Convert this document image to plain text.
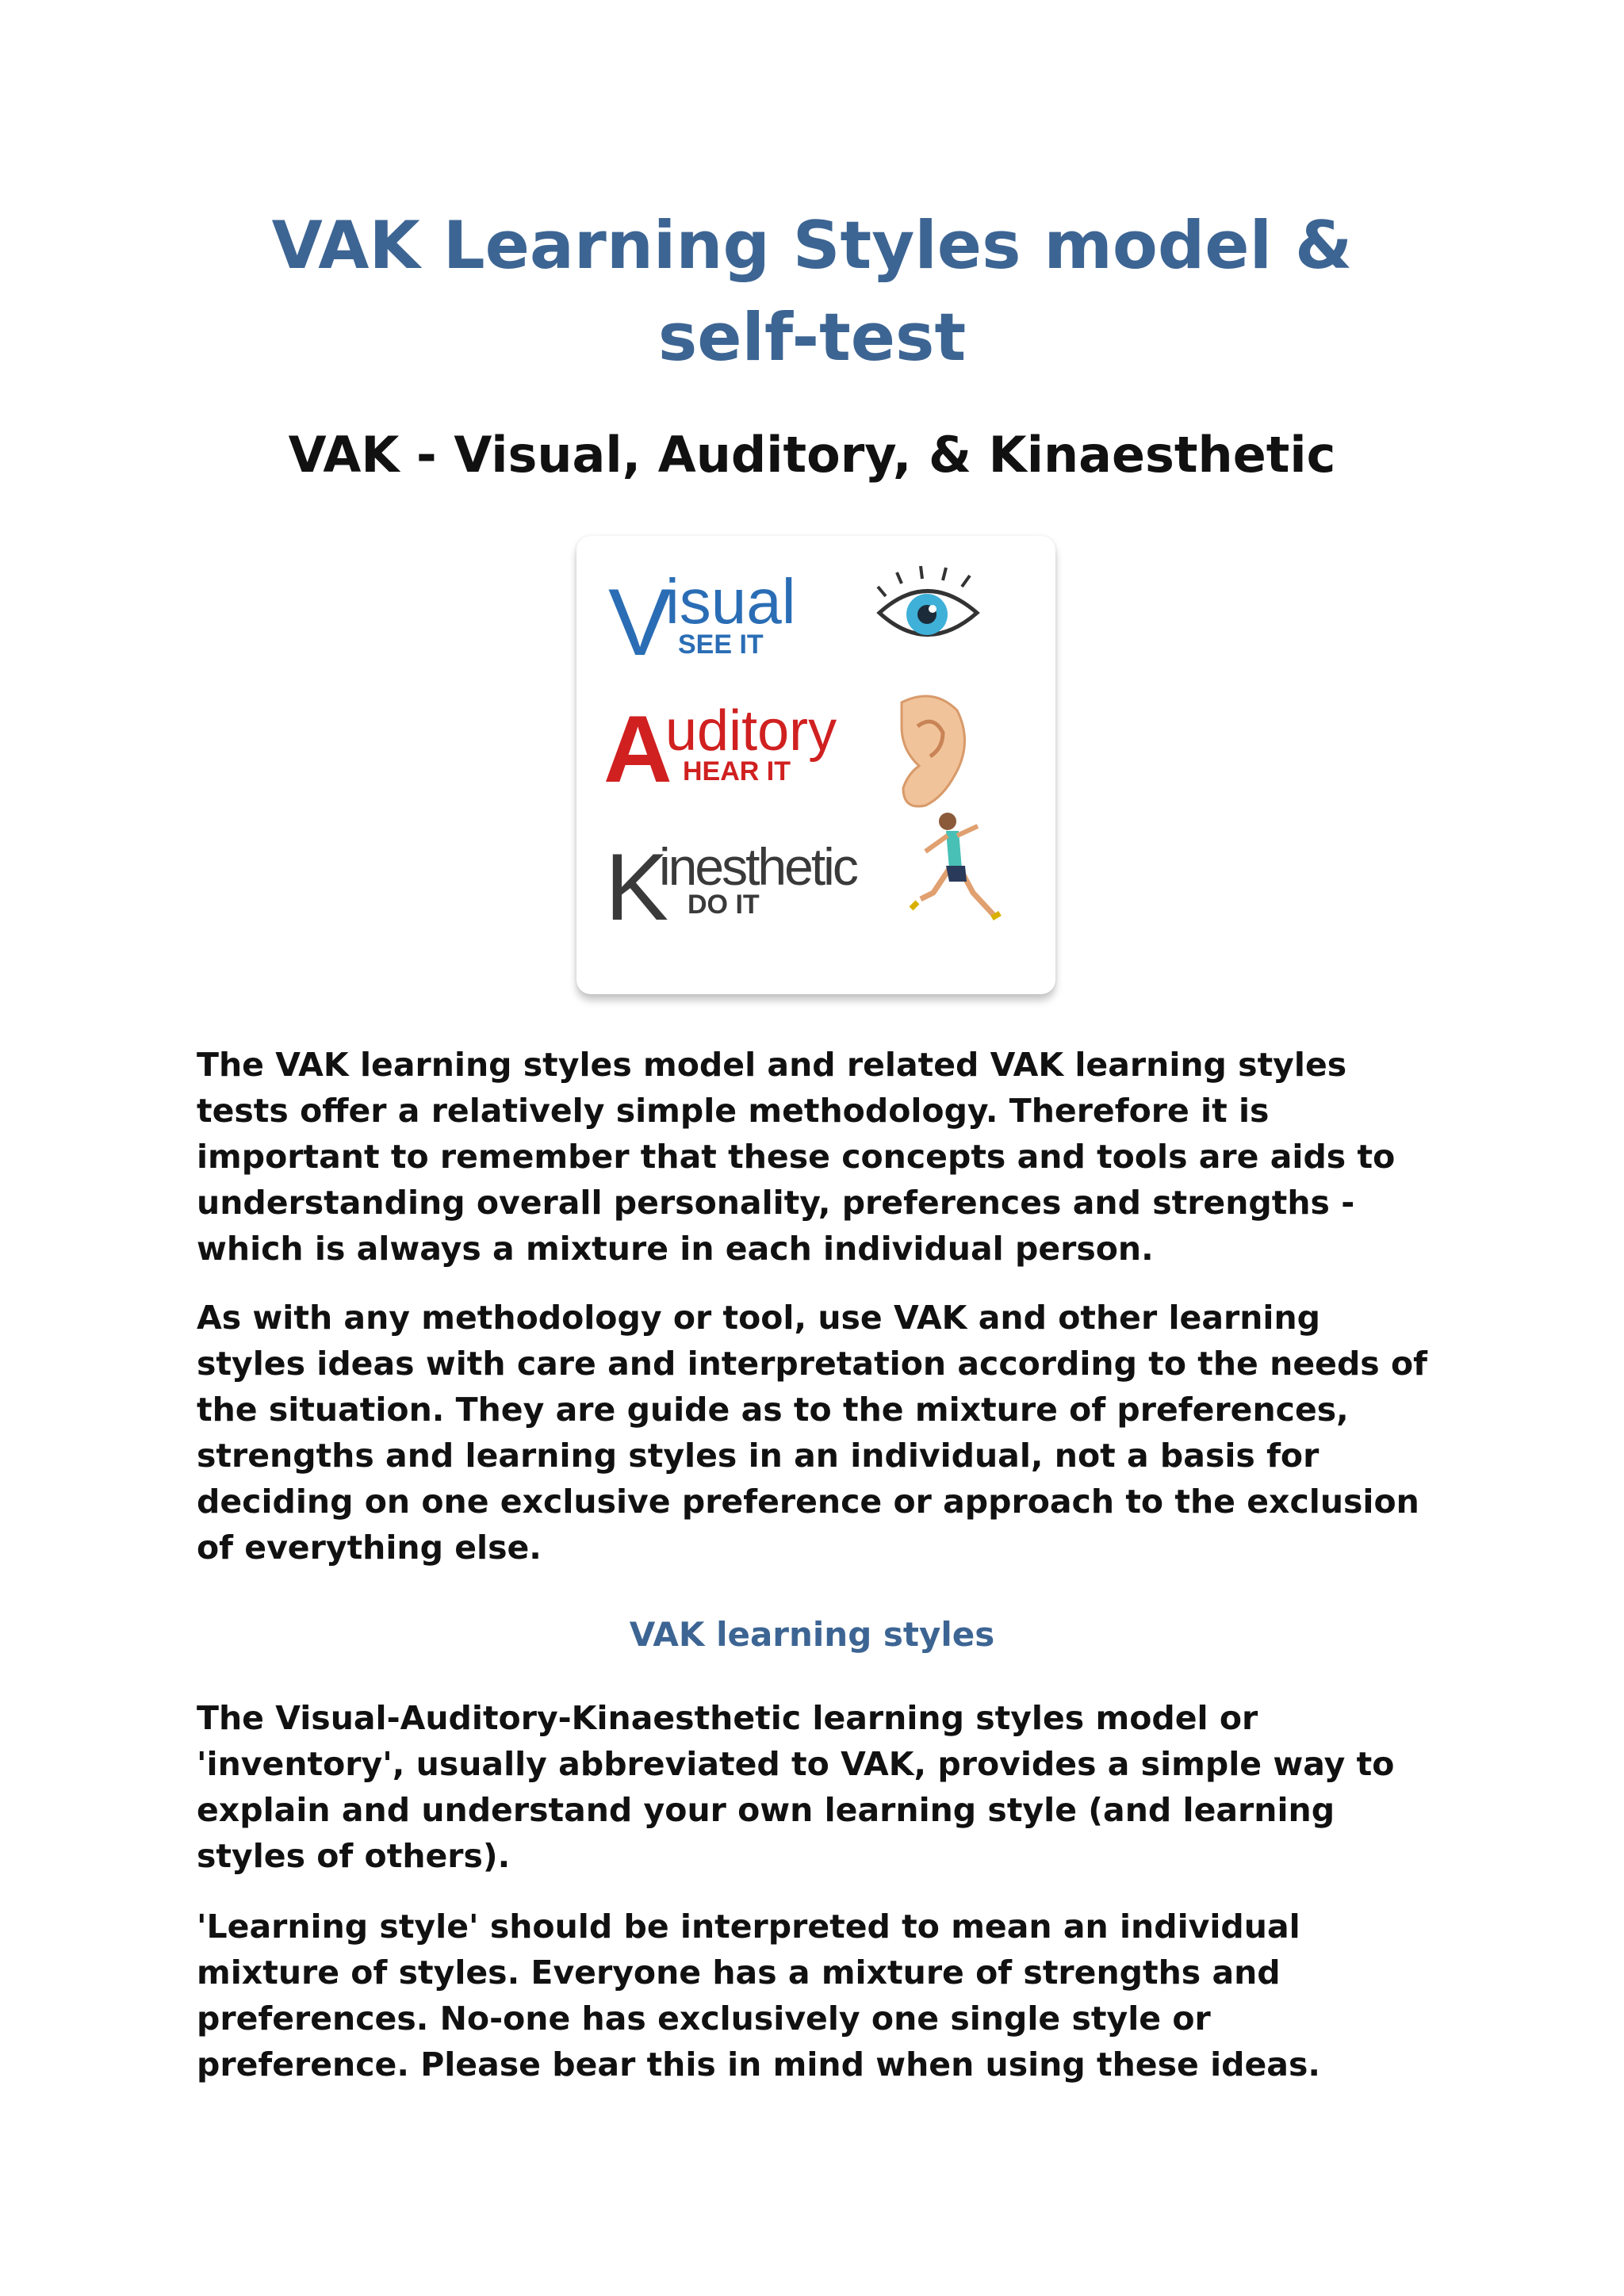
VAK Learning Styles model & self-test
VAK - Visual, Auditory, & Kinaesthetic
V
isual
SEE IT
A
uditory
HEAR IT
K
inesthetic
DO IT

The VAK learning styles model and related VAK learning styles tests offer a relatively simple methodology. Therefore it is important to remember that these concepts and tools are aids to understanding overall personality, preferences and strengths - which is always a mixture in each individual person.

As with any methodology or tool, use VAK and other learning styles ideas with care and interpretation according to the needs of the situation. They are guide as to the mixture of preferences, strengths and learning styles in an individual, not a basis for deciding on one exclusive preference or approach to the exclusion of everything else.

VAK learning styles

The Visual-Auditory-Kinaesthetic learning styles model or 'inventory', usually abbreviated to VAK, provides a simple way to explain and understand your own learning style (and learning styles of others).

'Learning style' should be interpreted to mean an individual mixture of styles. Everyone has a mixture of strengths and preferences. No-one has exclusively one single style or preference. Please bear this in mind when using these ideas.
